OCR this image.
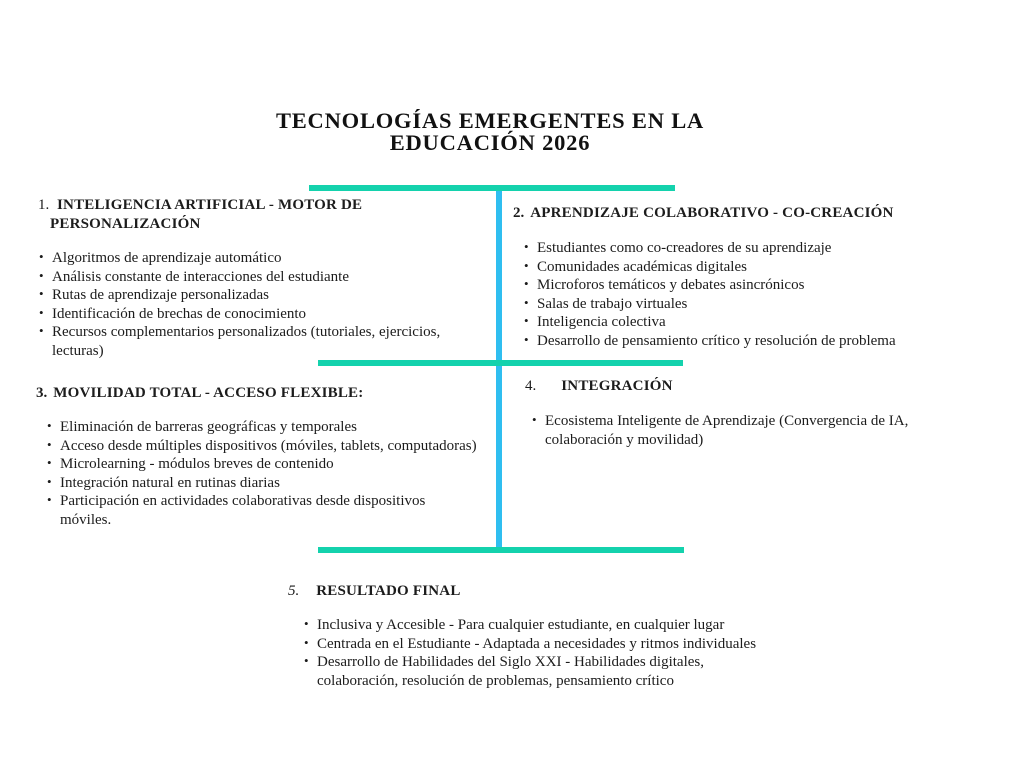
TECNOLOGÍAS EMERGENTES EN LA
EDUCACIÓN 2026
1. INTELIGENCIA ARTIFICIAL - MOTOR DE PERSONALIZACIÓN
• Algoritmos de aprendizaje automático
• Análisis constante de interacciones del estudiante
• Rutas de aprendizaje personalizadas
• Identificación de brechas de conocimiento
• Recursos complementarios personalizados (tutoriales, ejercicios, lecturas)
2. APRENDIZAJE COLABORATIVO - CO-CREACIÓN
• Estudiantes como co-creadores de su aprendizaje
• Comunidades académicas digitales
• Microforos temáticos y debates asincrónicos
• Salas de trabajo virtuales
• Inteligencia colectiva
• Desarrollo de pensamiento crítico y resolución de problema
3. MOVILIDAD TOTAL - ACCESO FLEXIBLE:
• Eliminación de barreras geográficas y temporales
• Acceso desde múltiples dispositivos (móviles, tablets, computadoras)
• Microlearning - módulos breves de contenido
• Integración natural en rutinas diarias
• Participación en actividades colaborativas desde dispositivos móviles.
4. INTEGRACIÓN
• Ecosistema Inteligente de Aprendizaje (Convergencia de IA, colaboración y movilidad)
5. RESULTADO FINAL
• Inclusiva y Accesible - Para cualquier estudiante, en cualquier lugar
• Centrada en el Estudiante - Adaptada a necesidades y ritmos individuales
• Desarrollo de Habilidades del Siglo XXI - Habilidades digitales, colaboración, resolución de problemas, pensamiento crítico
